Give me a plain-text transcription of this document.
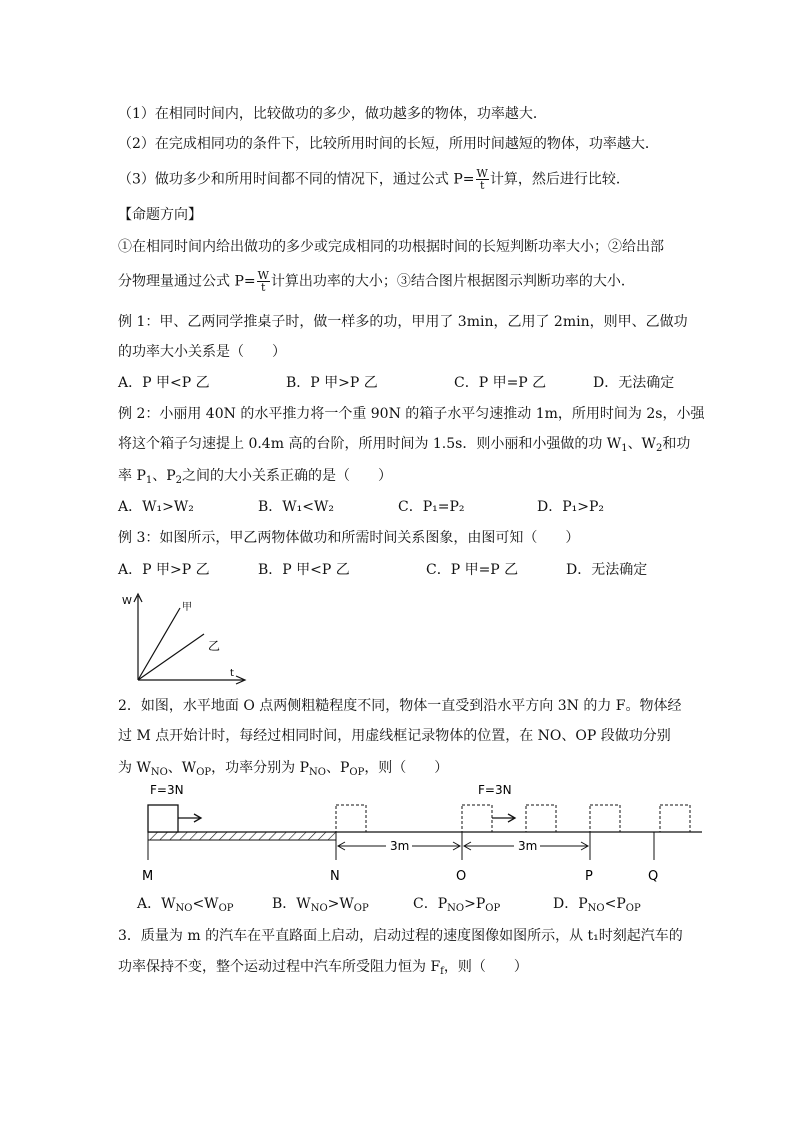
（1）在相同时间内，比较做功的多少，做功越多的物体，功率越大．
（2）在完成相同功的条件下，比较所用时间的长短，所用时间越短的物体，功率越大．
（3）做功多少和所用时间都不同的情况下，通过公式 $P= \frac{W}{t}$ 计算，然后进行比较．
【命题方向】
①在相同时间内给出做功的多少或完成相同的功根据时间的长短判断功率大小；②给出部
分物理量通过公式 $P= \frac{W}{t}$ 计算出功率的大小；③结合图片根据图示判断功率的大小．
例 1：甲、乙两同学推桌子时，做一样多的功，甲用了 3min，乙用了 2min，则甲、乙做功
的功率大小关系是（　　）
A．P 甲<P 乙	B．P 甲>P 乙	C．P 甲=P 乙	D．无法确定
例 2：小丽用 40N 的水平推力将一个重 90N 的箱子水平匀速推动 1m，所用时间为 2s，小强
将这个箱子匀速提上 0.4m 高的台阶，所用时间为 1.5s．则小丽和小强做的功 $W_1$、$W_2$和功
率 $P_1$、$P_2$之间的大小关系正确的是（　　）
A．W₁>W₂	B．W₁<W₂	C．P₁=P₂	D．P₁>P₂
例 3：如图所示，甲乙两物体做功和所需时间关系图象，由图可知（　　）
A．P 甲>P 乙	B．P 甲<P 乙	C．P 甲=P 乙	D．无法确定
W
t
甲
乙
2．如图，水平地面 O 点两侧粗糙程度不同，物体一直受到沿水平方向 3N 的力 F。物体经
过 M 点开始计时，每经过相同时间，用虚线框记录物体的位置，在 NO、OP 段做功分别
为 $W_{NO}$、$W_{OP}$，功率分别为 $P_{NO}$、$P_{OP}$，则（　　）
F=3N	F=3N
3m	3m
M	N	O	P	Q
A．$W_{NO}<W_{OP}$	B．$W_{NO}>W_{OP}$	C．$P_{NO}>P_{OP}$	D．$P_{NO}<P_{OP}$
3．质量为 m 的汽车在平直路面上启动，启动过程的速度图像如图所示，从 t₁时刻起汽车的
功率保持不变，整个运动过程中汽车所受阻力恒为 $F_f$，则（　　）
